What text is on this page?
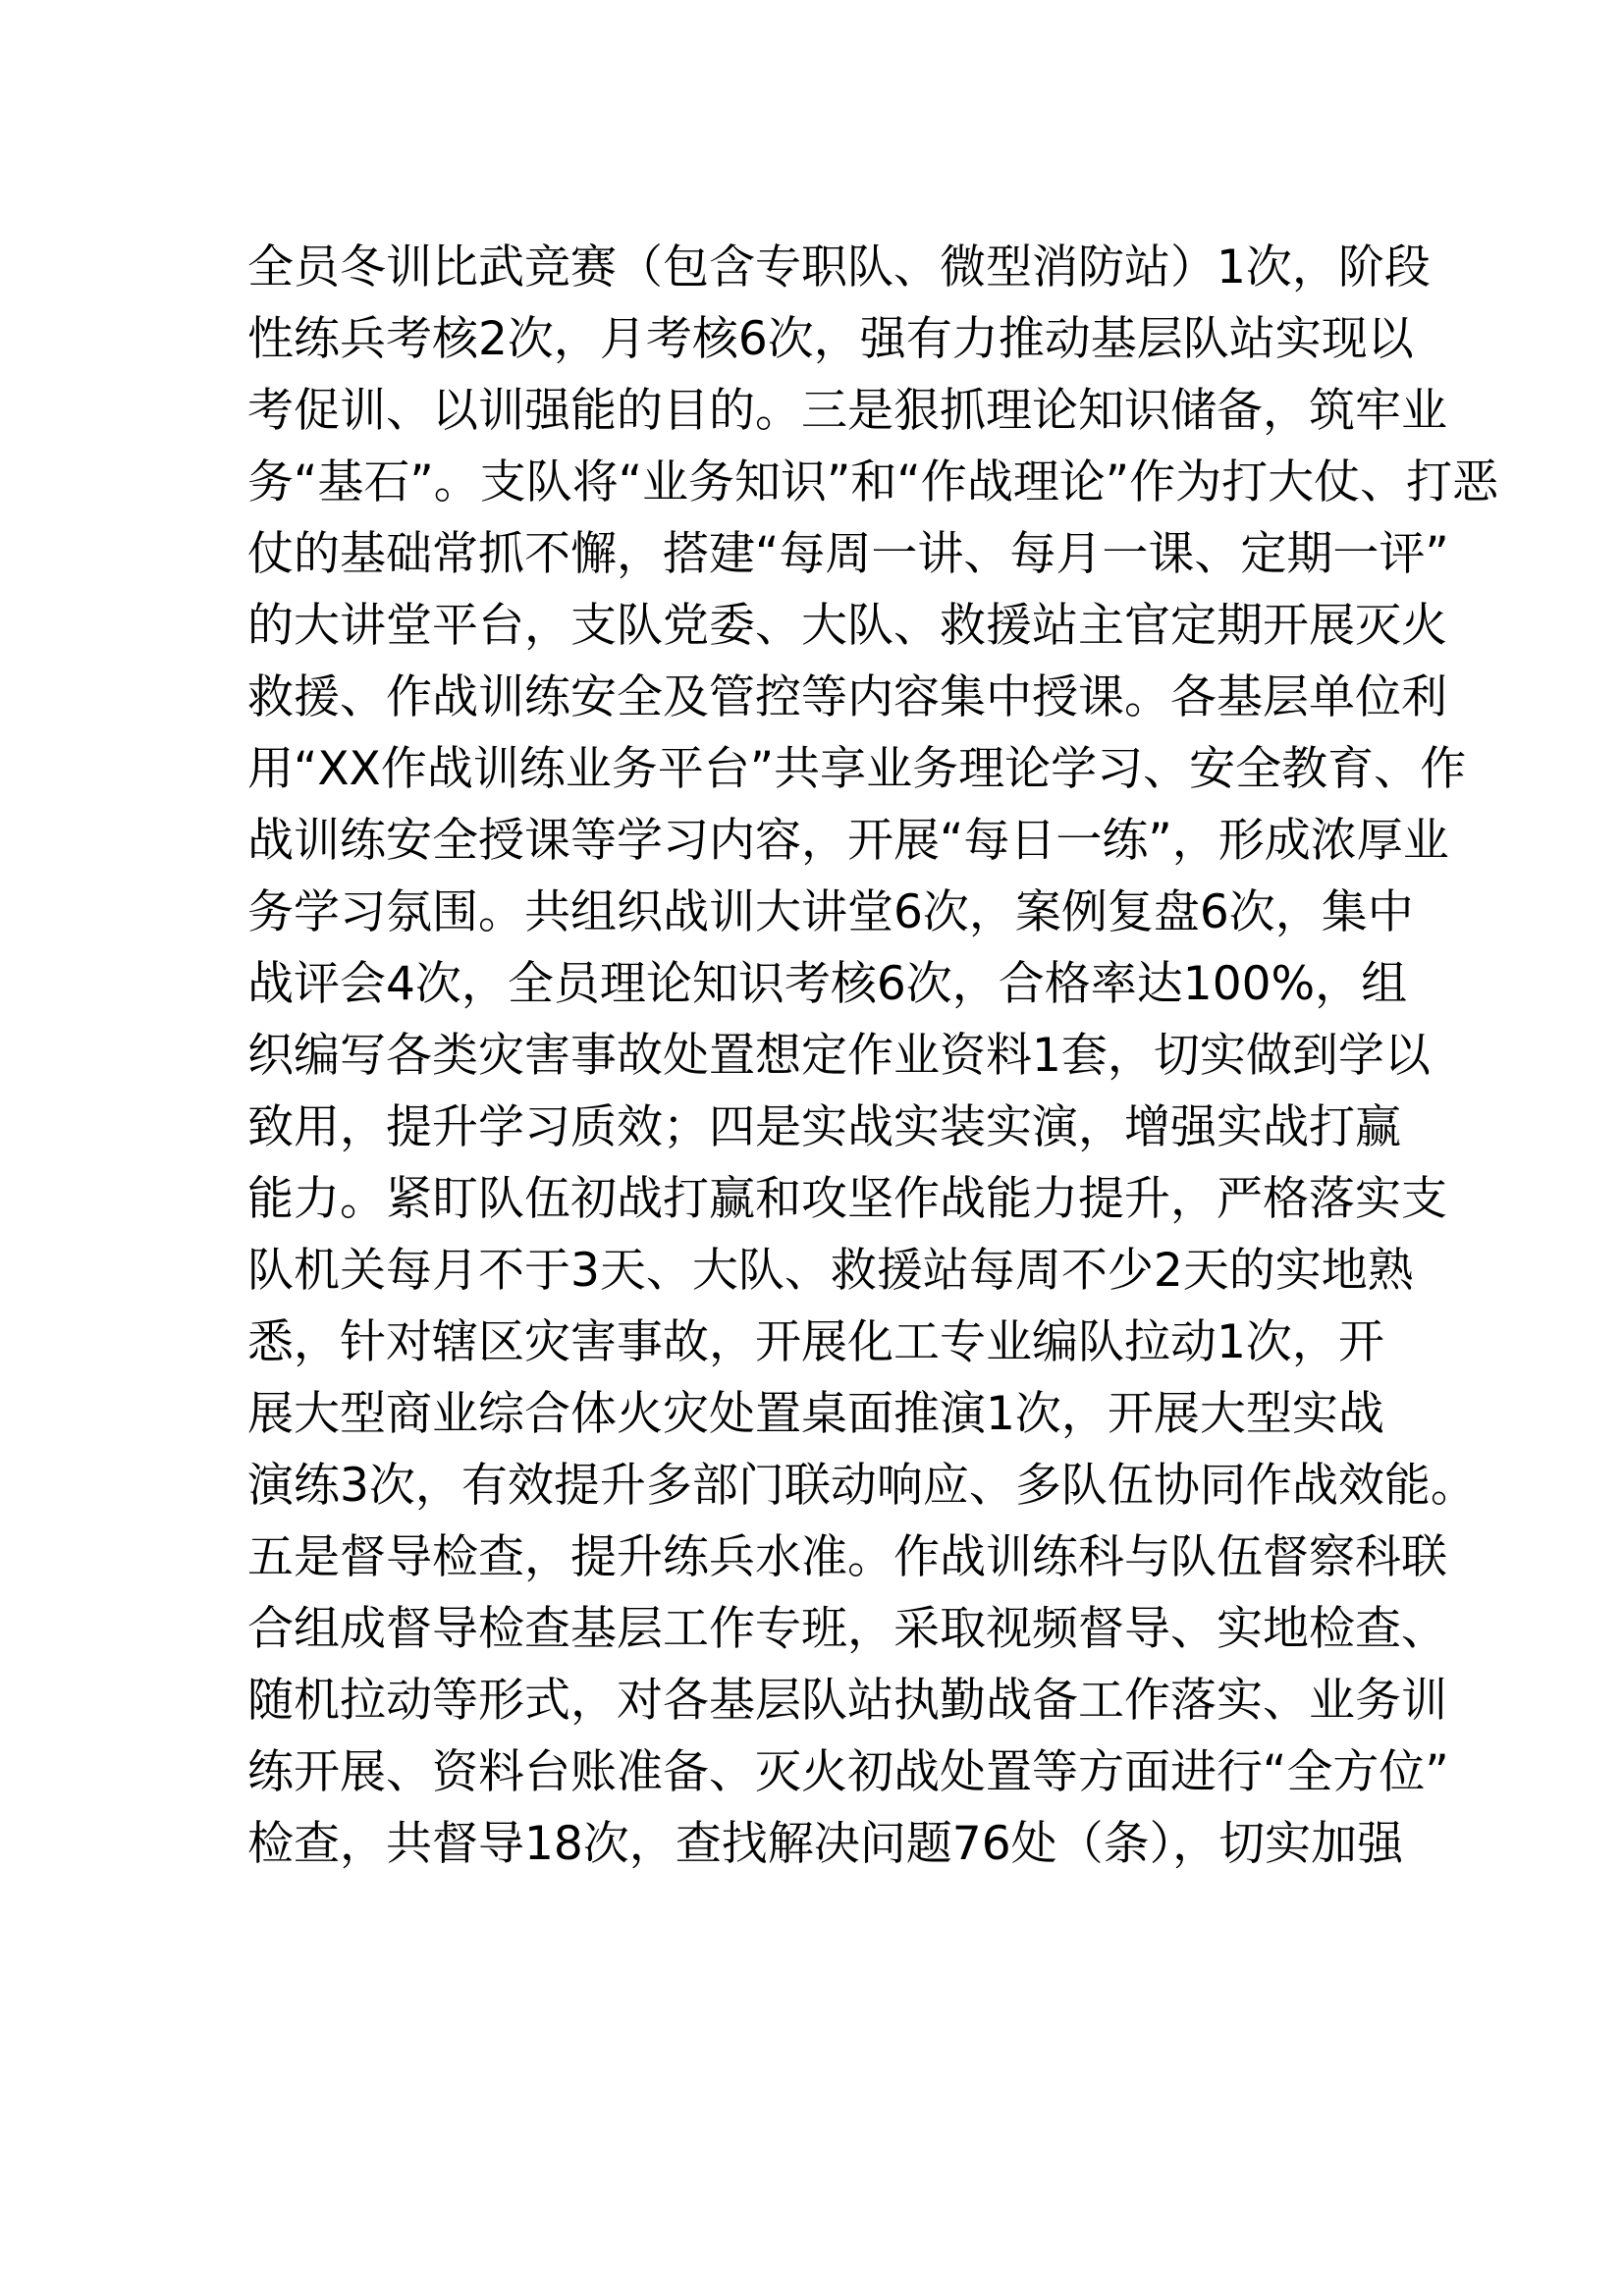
全员冬训比武竞赛（包含专职队、微型消防站）1次，阶段
性练兵考核2次，月考核6次，强有力推动基层队站实现以
考促训、以训强能的目的。三是狠抓理论知识储备，筑牢业
务“基石”。支队将“业务知识”和“作战理论”作为打大仗、打恶
仗的基础常抓不懈，搭建“每周一讲、每月一课、定期一评”
的大讲堂平台，支队党委、大队、救援站主官定期开展灭火
救援、作战训练安全及管控等内容集中授课。各基层单位利
用“XX作战训练业务平台”共享业务理论学习、安全教育、作
战训练安全授课等学习内容，开展“每日一练”，形成浓厚业
务学习氛围。共组织战训大讲堂6次，案例复盘6次，集中
战评会4次，全员理论知识考核6次，合格率达100%，组
织编写各类灾害事故处置想定作业资料1套，切实做到学以
致用，提升学习质效；四是实战实装实演，增强实战打赢
能力。紧盯队伍初战打赢和攻坚作战能力提升，严格落实支
队机关每月不于3天、大队、救援站每周不少2天的实地熟
悉，针对辖区灾害事故，开展化工专业编队拉动1次，开
展大型商业综合体火灾处置桌面推演1次，开展大型实战
演练3次，有效提升多部门联动响应、多队伍协同作战效能。
五是督导检查，提升练兵水准。作战训练科与队伍督察科联
合组成督导检查基层工作专班，采取视频督导、实地检查、
随机拉动等形式，对各基层队站执勤战备工作落实、业务训
练开展、资料台账准备、灭火初战处置等方面进行“全方位”
检查，共督导18次，查找解决问题76处（条），切实加强
